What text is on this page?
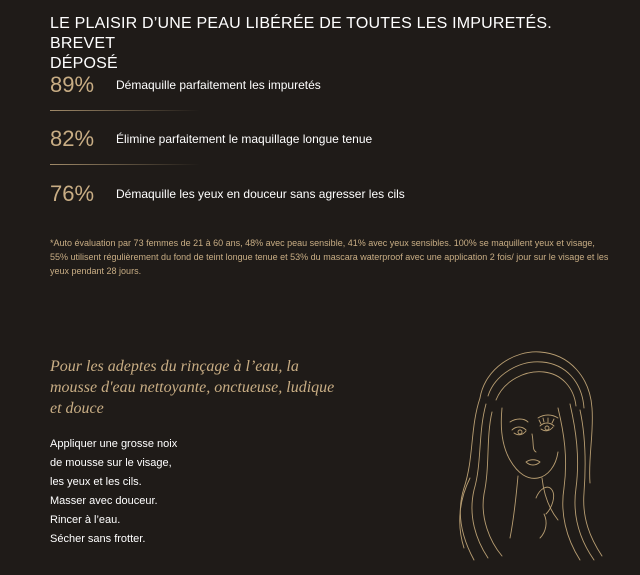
LE PLAISIR D’UNE PEAU LIBÉRÉE DE TOUTES LES IMPURETÉS. BREVET
DÉPOSÉ
89%	Démaquille parfaitement les impuretés
82%	Élimine parfaitement le maquillage longue tenue
76%	Démaquille les yeux en douceur sans agresser les cils

*Auto évaluation par 73 femmes de 21 à 60 ans, 48% avec peau sensible, 41% avec yeux sensibles. 100% se maquillent yeux et visage,

55% utilisent régulièrement du fond de teint longue tenue et 53% du mascara waterproof avec une application 2 fois/ jour sur le visage et les yeux pendant 28 jours.

Pour les adeptes du rinçage à l’eau, la
mousse d'eau nettoyante, onctueuse, ludique
et douce
Appliquer une grosse noix
de mousse sur le visage,
les yeux et les cils.
Masser avec douceur.
Rincer à l’eau.
Sécher sans frotter.
